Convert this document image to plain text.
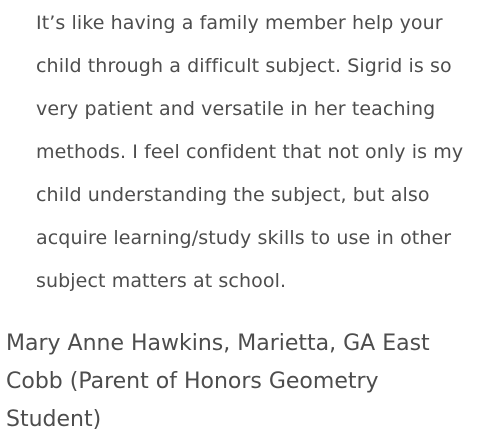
It’s like having a family member help your child through a difficult subject. Sigrid is so very patient and versatile in her teaching methods. I feel confident that not only is my child understanding the subject, but also acquire learning/study skills to use in other subject matters at school.

Mary Anne Hawkins, Marietta, GA East Cobb (Parent of Honors Geometry Student)
